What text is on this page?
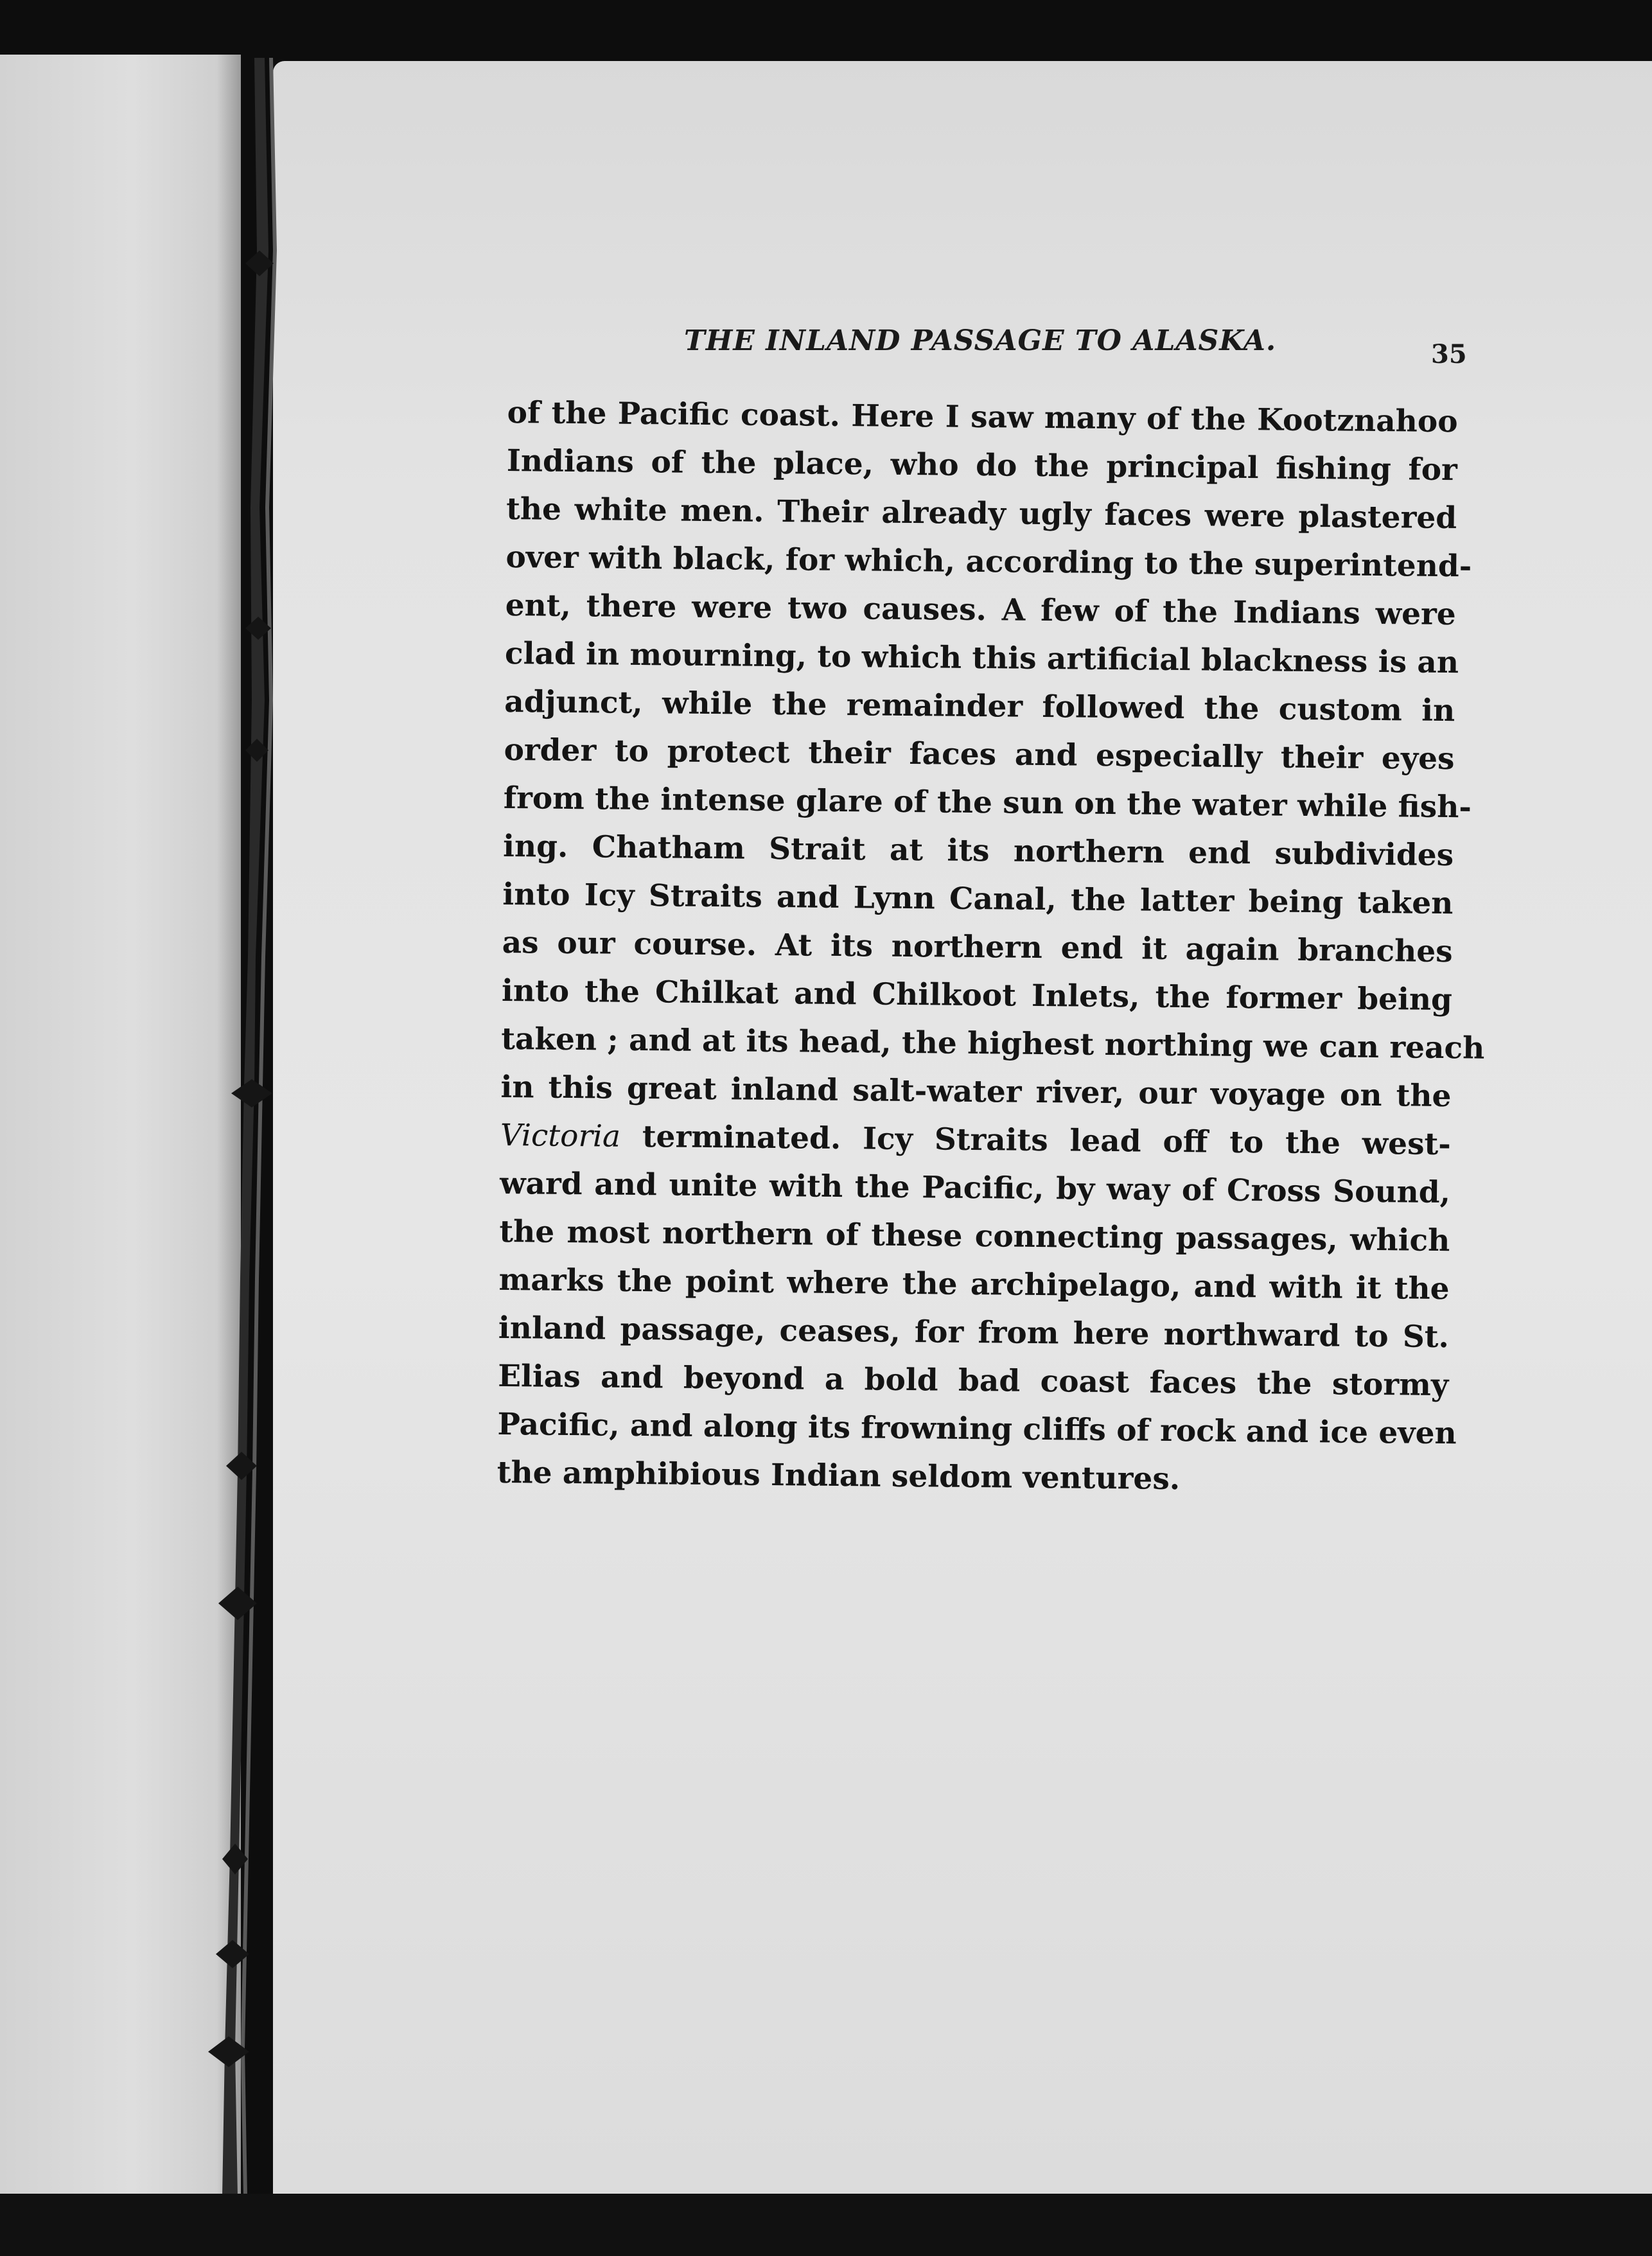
THE INLAND PASSAGE TO ALASKA.	35
of the Pacific coast. Here I saw many of the Kootznahoo
Indians of the place, who do the principal fishing for
the white men. Their already ugly faces were plastered
over with black, for which, according to the superintend-
ent, there were two causes. A few of the Indians were
clad in mourning, to which this artificial blackness is an
adjunct, while the remainder followed the custom in
order to protect their faces and especially their eyes
from the intense glare of the sun on the water while fish-
ing. Chatham Strait at its northern end subdivides
into Icy Straits and Lynn Canal, the latter being taken
as our course. At its northern end it again branches
into the Chilkat and Chilkoot Inlets, the former being
taken ; and at its head, the highest northing we can reach
in this great inland salt-water river, our voyage on the
Victoria terminated. Icy Straits lead off to the west-
ward and unite with the Pacific, by way of Cross Sound,
the most northern of these connecting passages, which
marks the point where the archipelago, and with it the
inland passage, ceases, for from here northward to St.
Elias and beyond a bold bad coast faces the stormy
Pacific, and along its frowning cliffs of rock and ice even
the amphibious Indian seldom ventures.
